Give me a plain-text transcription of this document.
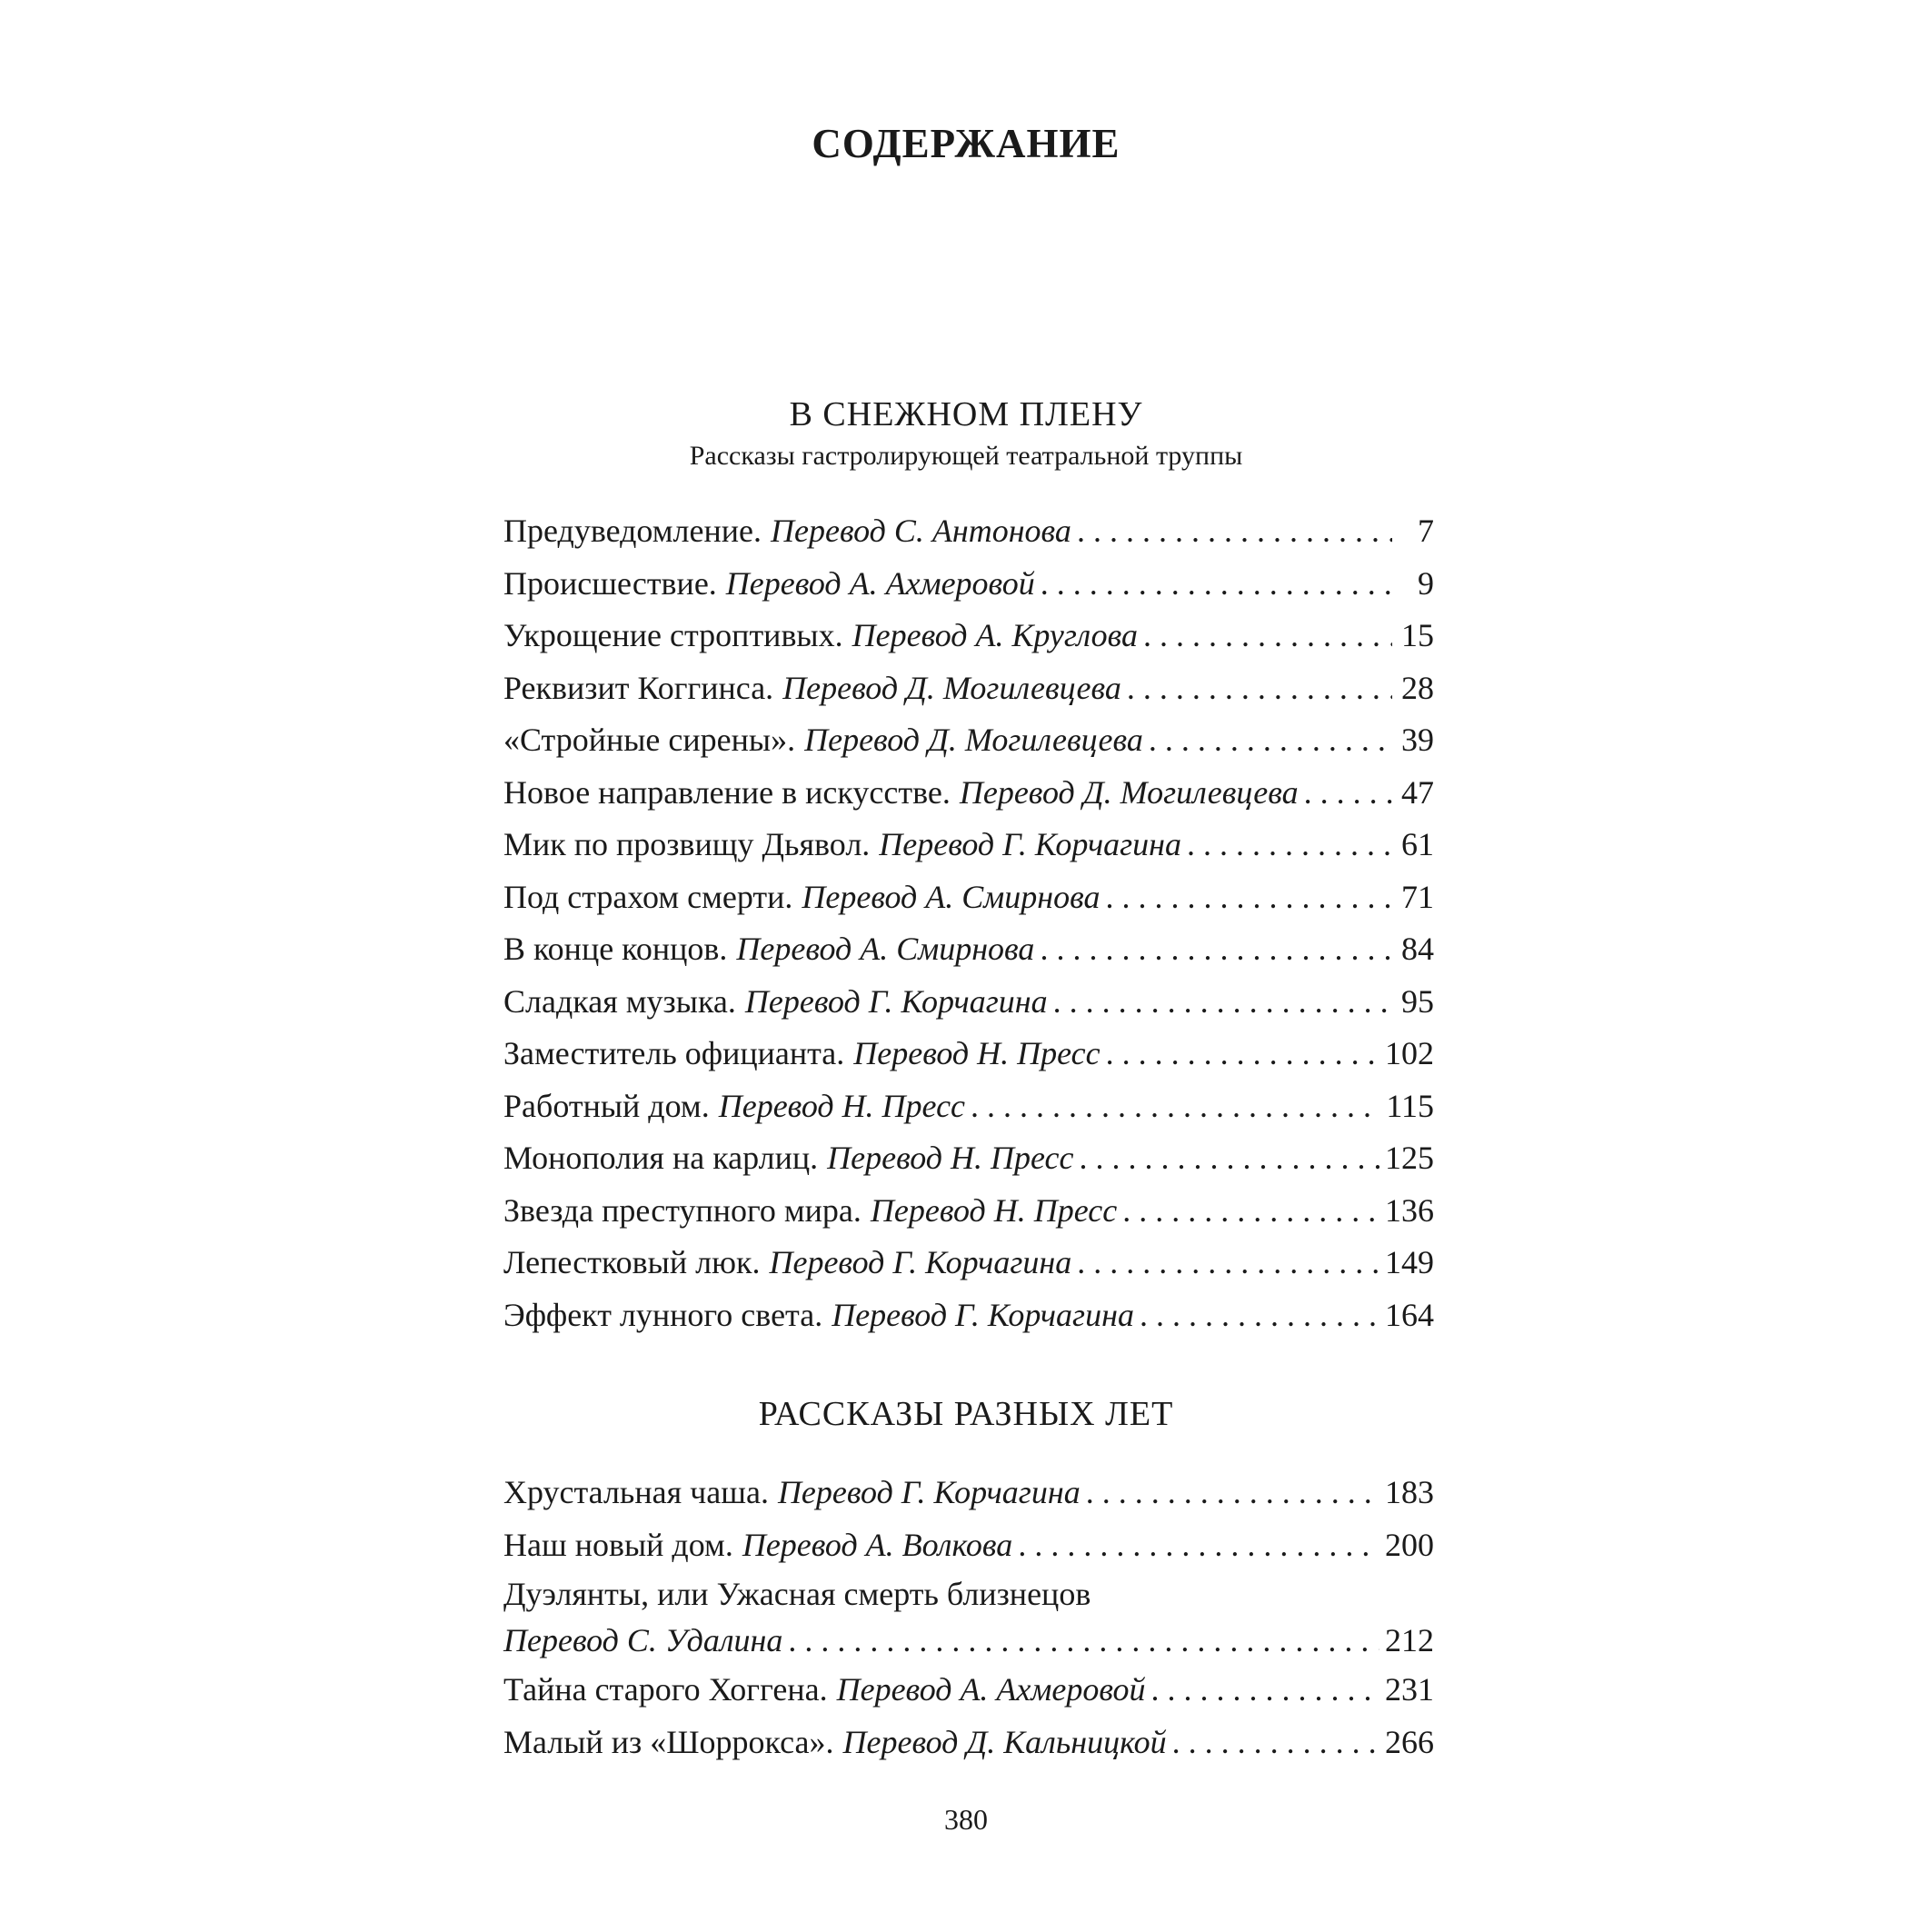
СОДЕРЖАНИЕ
В СНЕЖНОМ ПЛЕНУ

Рассказы гастролирующей театральной труппы

Предуведомление. Перевод С. Антонова . . .	7
Происшествие. Перевод А. Ахмеровой . . .	9
Укрощение строптивых. Перевод А. Круглова . . .	15
Реквизит Коггинса. Перевод Д. Могилевцева . . .	28
«Стройные сирены». Перевод Д. Могилевцева . . .	39
Новое направление в искусстве. Перевод Д. Могилевцева . . .	47
Мик по прозвищу Дьявол. Перевод Г. Корчагина . . .	61
Под страхом смерти. Перевод А. Смирнова . . .	71
В конце концов. Перевод А. Смирнова . . .	84
Сладкая музыка. Перевод Г. Корчагина . . .	95
Заместитель официанта. Перевод Н. Пресс . . .	102
Работный дом. Перевод Н. Пресс . . .	115
Монополия на карлиц. Перевод Н. Пресс . . .	125
Звезда преступного мира. Перевод Н. Пресс . . .	136
Лепестковый люк. Перевод Г. Корчагина . . .	149
Эффект лунного света. Перевод Г. Корчагина . . .	164
РАССКАЗЫ РАЗНЫХ ЛЕТ
Хрустальная чаша. Перевод Г. Корчагина . . .	183
Наш новый дом. Перевод А. Волкова . . .	200
Дуэлянты, или Ужасная смерть близнецов
Перевод С. Удалина . . .	212
Тайна старого Хоггена. Перевод А. Ахмеровой . . .	231
Малый из «Шоррокса». Перевод Д. Кальницкой . . .	266

380
